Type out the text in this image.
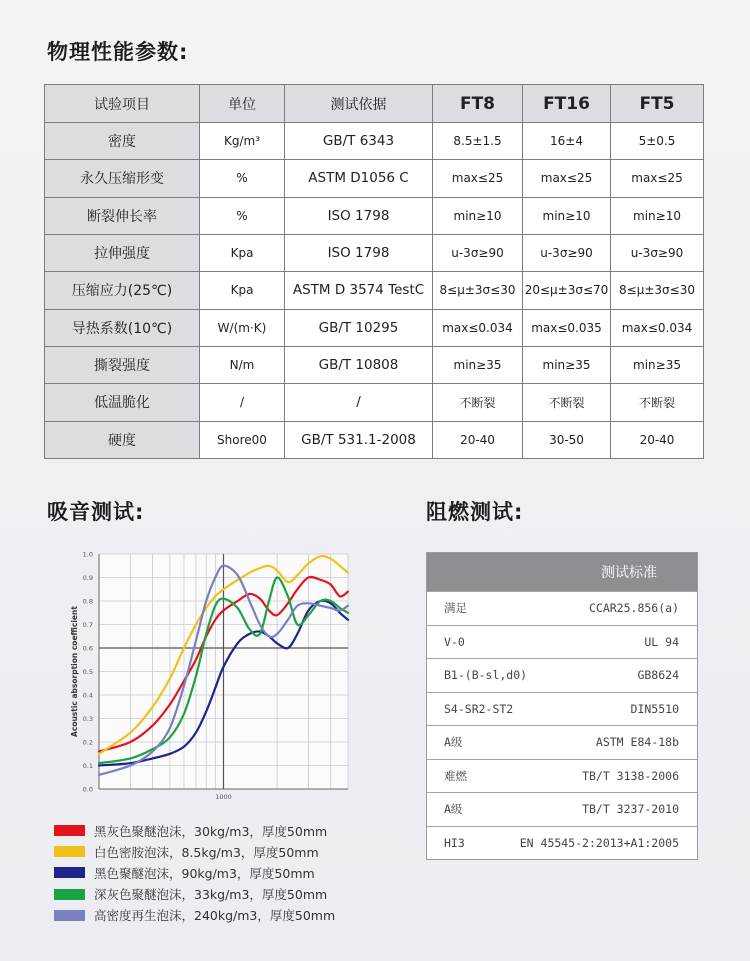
物理性能参数:
试验项目	单位	测试依据	FT8	FT16	FT5
密度	Kg/m³	GB/T 6343	8.5±1.5	16±4	5±0.5
永久压缩形变	%	ASTM D1056 C	max≤25	max≤25	max≤25
断裂伸长率	%	ISO 1798	min≥10	min≥10	min≥10
拉伸强度	Kpa	ISO 1798	u-3σ≥90	u-3σ≥90	u-3σ≥90
压缩应力(25℃)	Kpa	ASTM D 3574 TestC	8≤μ±3σ≤30	20≤μ±3σ≤70	8≤μ±3σ≤30
导热系数(10℃)	W/(m·K)	GB/T 10295	max≤0.034	max≤0.035	max≤0.034
撕裂强度	N/m	GB/T 10808	min≥35	min≥35	min≥35
低温脆化	/	/	不断裂	不断裂	不断裂
硬度	Shore00	GB/T 531.1-2008	20-40	30-50	20-40
吸音测试:	阻燃测试:
0.0
0.1
0.2
0.3
0.4
0.5
0.6
0.7
0.8
0.9
1.0
1000
Acoustic absorption coefficient
黑灰色聚醚泡沫，30kg/m3，厚度50mm
白色密胺泡沫，8.5kg/m3，厚度50mm
黑色聚醚泡沫，90kg/m3，厚度50mm
深灰色聚醚泡沫，33kg/m3，厚度50mm
高密度再生泡沫，240kg/m3，厚度50mm
测试标准
满足	CCAR25.856(a)
V-0	UL 94
B1-(B-sl,d0)	GB8624
S4-SR2-ST2	DIN5510
A级	ASTM E84-18b
难燃	TB/T 3138-2006
A级	TB/T 3237-2010
HI3	EN 45545-2:2013+A1:2005
